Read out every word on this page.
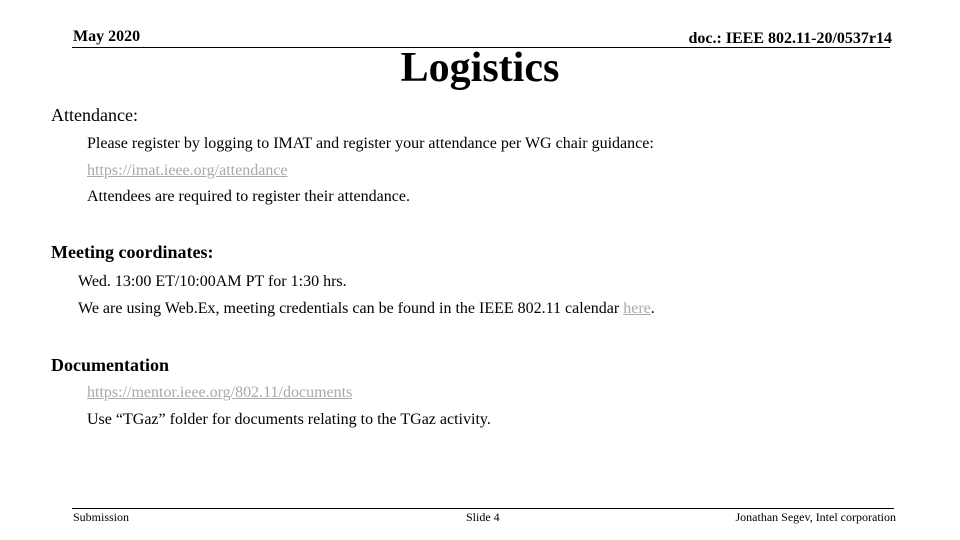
May 2020	doc.: IEEE 802.11-20/0537r14
Logistics
Attendance:
Please register by logging to IMAT and register your attendance per WG chair guidance:
https://imat.ieee.org/attendance
Attendees are required to register their attendance.
Meeting coordinates:
Wed. 13:00 ET/10:00AM PT for 1:30 hrs.
We are using Web.Ex, meeting credentials can be found in the IEEE 802.11 calendar here.
Documentation
https://mentor.ieee.org/802.11/documents
Use “TGaz” folder for documents relating to the TGaz activity.
Submission	Slide 4	Jonathan Segev, Intel corporation
